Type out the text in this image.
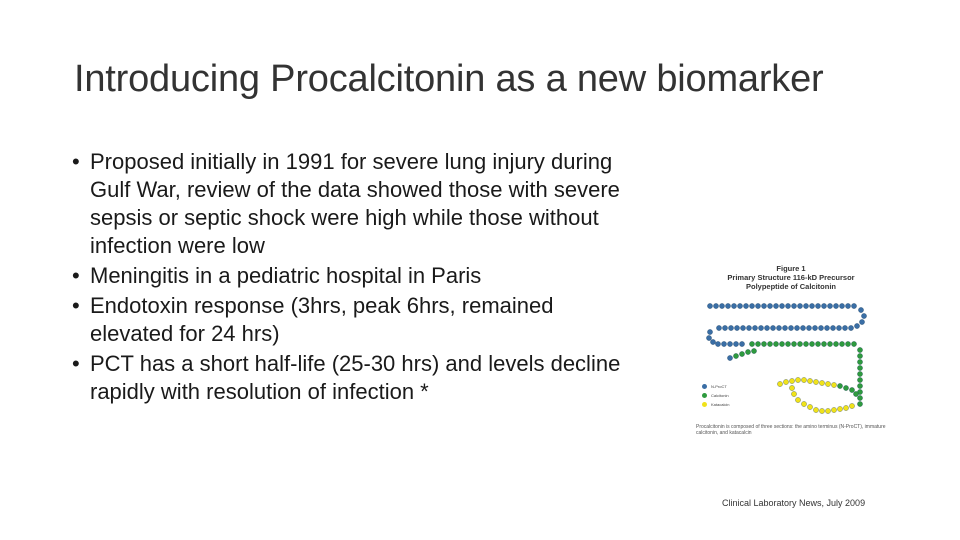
Introducing Procalcitonin as a new biomarker
• Proposed initially in 1991 for severe lung injury during Gulf War, review of the data showed those with severe sepsis or septic shock were high while those without infection were low
• Meningitis in a pediatric hospital in Paris
• Endotoxin response (3hrs, peak 6hrs, remained elevated for 24 hrs)
• PCT has a short half-life (25-30 hrs) and levels decline rapidly with resolution of infection *
Figure 1
Primary Structure 116-kD Precursor
Polypeptide of Calcitonin
N-ProCT
Calcitonin
Katacalcin
Procalcitonin is composed of three sections: the amino terminus (N-ProCT), immature calcitonin, and katacalcin
Clinical Laboratory News, July 2009
